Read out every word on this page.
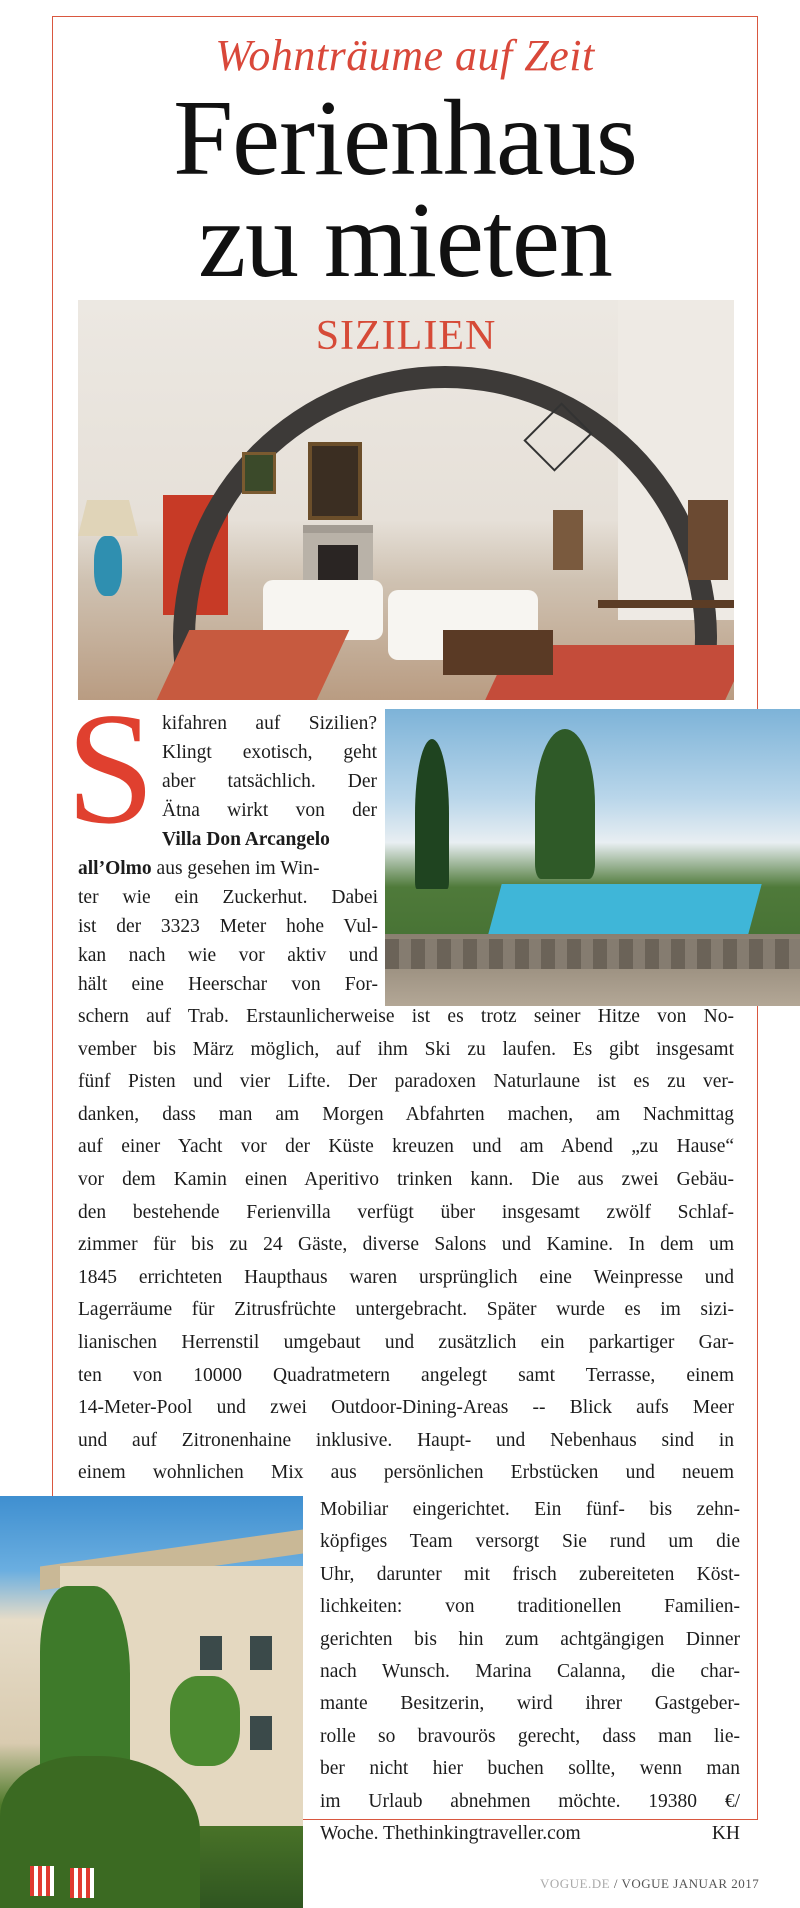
Wohnträume auf Zeit
Ferienhaus
zu mieten
SIZILIEN
S kifahren auf Sizilien?
Klingt exotisch, geht
aber tatsächlich. Der
Ätna wirkt von der
Villa Don Arcangelo
all’Olmo aus gesehen im Win-
ter wie ein Zuckerhut. Dabei
ist der 3323 Meter hohe Vul-
kan nach wie vor aktiv und
hält eine Heerschar von For-
schern auf Trab. Erstaunlicherweise ist es trotz seiner Hitze von No-
vember bis März möglich, auf ihm Ski zu laufen. Es gibt insgesamt
fünf Pisten und vier Lifte. Der paradoxen Naturlaune ist es zu ver-
danken, dass man am Morgen Abfahrten machen, am Nachmittag
auf einer Yacht vor der Küste kreuzen und am Abend „zu Hause“
vor dem Kamin einen Aperitivo trinken kann. Die aus zwei Gebäu-
den bestehende Ferienvilla verfügt über insgesamt zwölf Schlaf-
zimmer für bis zu 24 Gäste, diverse Salons und Kamine. In dem um
1845 errichteten Haupthaus waren ursprünglich eine Weinpresse und
Lagerräume für Zitrusfrüchte untergebracht. Später wurde es im sizi-
lianischen Herrenstil umgebaut und zusätzlich ein parkartiger Gar-
ten von 10000 Quadratmetern angelegt samt Terrasse, einem
14-Meter-Pool und zwei Outdoor-Dining-Areas -- Blick aufs Meer
und auf Zitronenhaine inklusive. Haupt- und Nebenhaus sind in
einem wohnlichen Mix aus persönlichen Erbstücken und neuem
Mobiliar eingerichtet. Ein fünf- bis zehn-
köpfiges Team versorgt Sie rund um die
Uhr, darunter mit frisch zubereiteten Köst-
lichkeiten: von traditionellen Familien-
gerichten bis hin zum achtgängigen Dinner
nach Wunsch. Marina Calanna, die char-
mante Besitzerin, wird ihrer Gastgeber-
rolle so bravourös gerecht, dass man lie-
ber nicht hier buchen sollte, wenn man
im Urlaub abnehmen möchte. 19380 €/
Woche. Thethinkingtraveller.com	KH
VOGUE.DE / VOGUE JANUAR 2017
